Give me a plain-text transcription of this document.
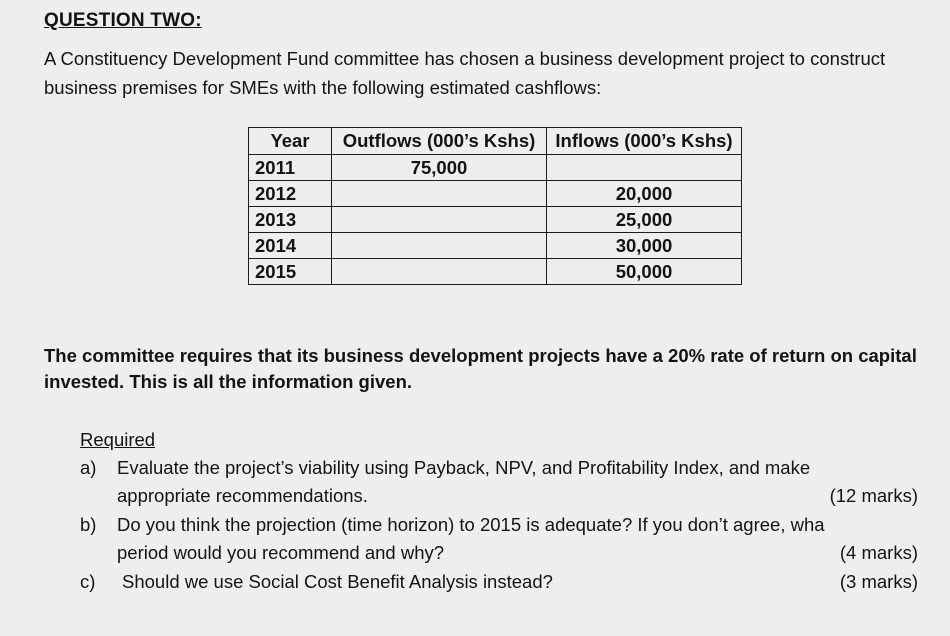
QUESTION TWO:
A Constituency Development Fund committee has chosen a business development project to construct business premises for SMEs with the following estimated cashflows:
Year	Outflows (000’s Kshs)	Inflows (000’s Kshs)
2011	75,000	
2012		20,000
2013		25,000
2014		30,000
2015		50,000
The committee requires that its business development projects have a 20% rate of return on capital invested. This is all the information given.
Required
a) Evaluate the project’s viability using Payback, NPV, and Profitability Index, and make
appropriate recommendations.	(12 marks)
b) Do you think the projection (time horizon) to 2015 is adequate? If you don’t agree, wha
period would you recommend and why?	(4 marks)
c) Should we use Social Cost Benefit Analysis instead?	(3 marks)
